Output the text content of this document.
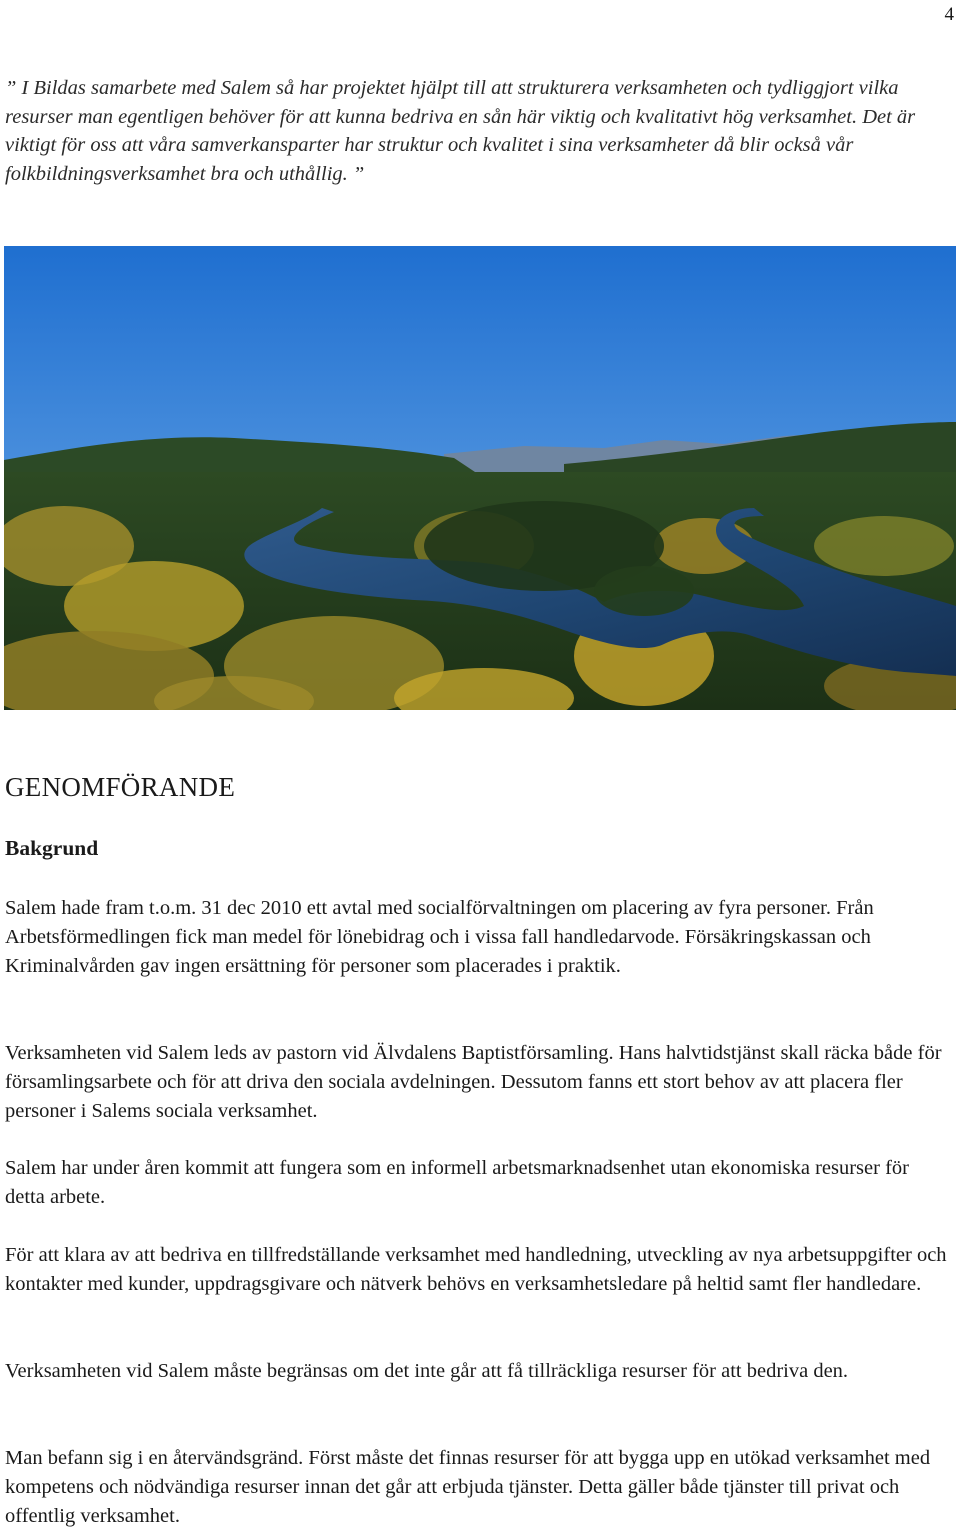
4
” I Bildas samarbete med Salem så har projektet hjälpt till att strukturera verksamheten och tydliggjort vilka resurser man egentligen behöver för att kunna bedriva en sån här viktig och kvalitativt hög verksamhet. Det är viktigt för oss att våra samverkansparter har struktur och kvalitet i sina verksamheter då blir också vår folkbildningsverksamhet bra och uthållig. ”
GENOMFÖRANDE
Bakgrund

Salem hade fram t.o.m. 31 dec 2010 ett avtal med socialförvaltningen om placering av fyra personer. Från Arbetsförmedlingen fick man medel för lönebidrag och i vissa fall handledarvode. Försäkringskassan och Kriminalvården gav ingen ersättning för personer som placerades i praktik.

Verksamheten vid Salem leds av pastorn vid Älvdalens Baptistförsamling. Hans halvtidstjänst skall räcka både för församlingsarbete och för att driva den sociala avdelningen. Dessutom fanns ett stort behov av att placera fler personer i Salems sociala verksamhet.

Salem har under åren kommit att fungera som en informell arbetsmarknadsenhet utan ekonomiska resurser för detta arbete.

För att klara av att bedriva en tillfredställande verksamhet med handledning, utveckling av nya arbetsuppgifter och kontakter med kunder, uppdragsgivare och nätverk behövs en verksamhetsledare på heltid samt fler handledare.

Verksamheten vid Salem måste begränsas om det inte går att få tillräckliga resurser för att bedriva den.

Man befann sig i en återvändsgränd. Först måste det finnas resurser för att bygga upp en utökad verksamhet med kompetens och nödvändiga resurser innan det går att erbjuda tjänster. Detta gäller både tjänster till privat och offentlig verksamhet.
